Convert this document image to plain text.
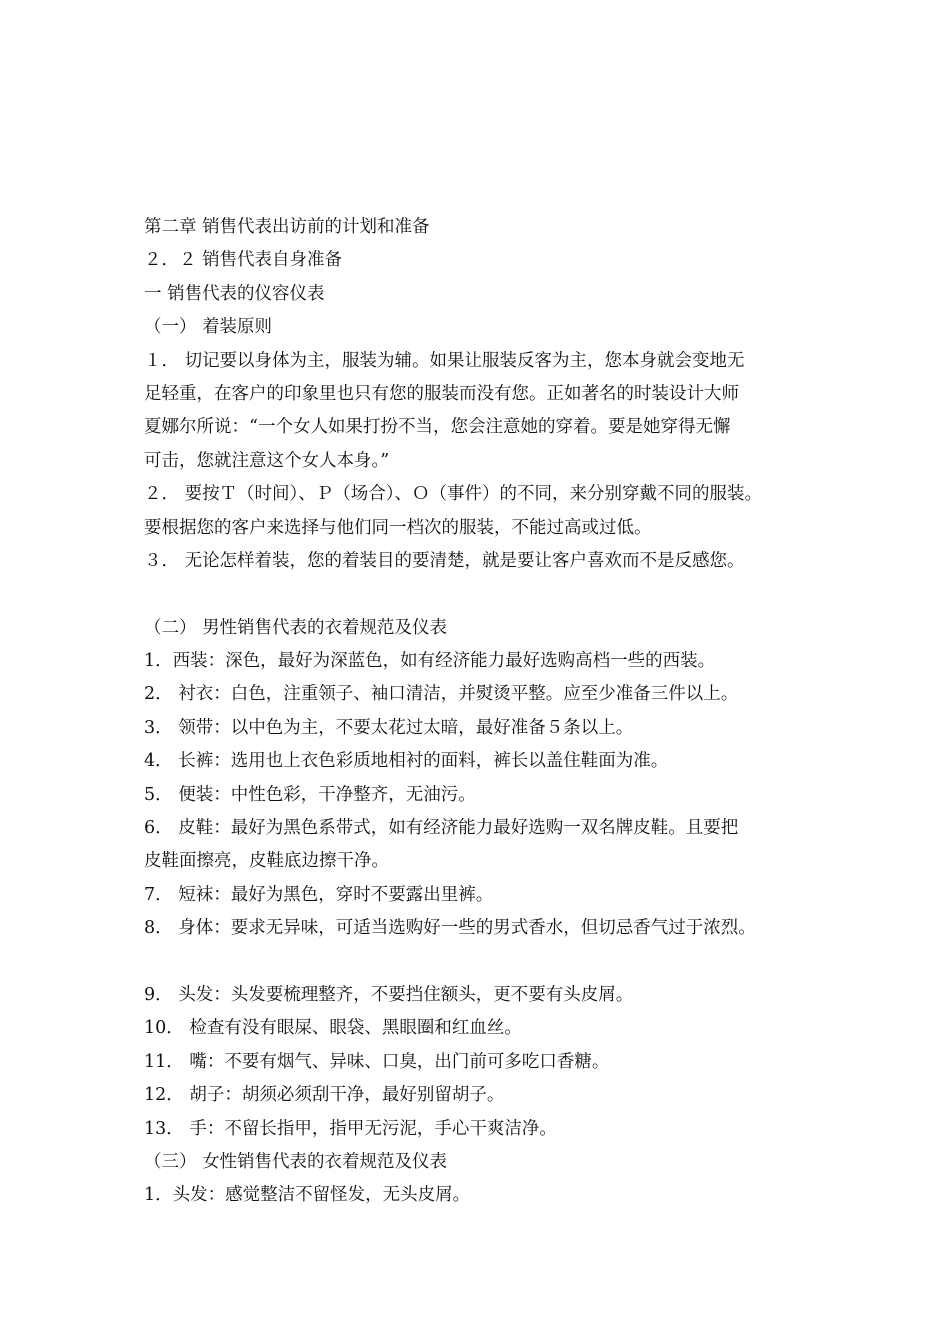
第二章 销售代表出访前的计划和准备
２．２ 销售代表自身准备
一 销售代表的仪容仪表
（一） 着装原则
１． 切记要以身体为主，服装为辅。如果让服装反客为主，您本身就会变地无
足轻重，在客户的印象里也只有您的服装而没有您。正如著名的时装设计大师
夏娜尔所说：“一个女人如果打扮不当，您会注意她的穿着。要是她穿得无懈
可击，您就注意这个女人本身。”
２． 要按Ｔ（时间）、Ｐ（场合）、Ｏ（事件）的不同，来分别穿戴不同的服装。
要根据您的客户来选择与他们同一档次的服装，不能过高或过低。
３． 无论怎样着装，您的着装目的要清楚，就是要让客户喜欢而不是反感您。
（二） 男性销售代表的衣着规范及仪表
1．西装：深色，最好为深蓝色，如有经济能力最好选购高档一些的西装。
2． 衬衣：白色，注重领子、袖口清洁，并熨烫平整。应至少准备三件以上。
3． 领带：以中色为主，不要太花过太暗，最好准备５条以上。
4． 长裤：选用也上衣色彩质地相衬的面料，裤长以盖住鞋面为准。
5． 便装：中性色彩，干净整齐，无油污。
6． 皮鞋：最好为黑色系带式，如有经济能力最好选购一双名牌皮鞋。且要把
皮鞋面擦亮，皮鞋底边擦干净。
7． 短袜：最好为黑色，穿时不要露出里裤。
8． 身体：要求无异味，可适当选购好一些的男式香水，但切忌香气过于浓烈。
9． 头发：头发要梳理整齐，不要挡住额头，更不要有头皮屑。
10． 检查有没有眼屎、眼袋、黑眼圈和红血丝。
11． 嘴：不要有烟气、异味、口臭，出门前可多吃口香糖。
12． 胡子：胡须必须刮干净，最好别留胡子。
13． 手：不留长指甲，指甲无污泥，手心干爽洁净。
（三） 女性销售代表的衣着规范及仪表
1．头发：感觉整洁不留怪发，无头皮屑。
